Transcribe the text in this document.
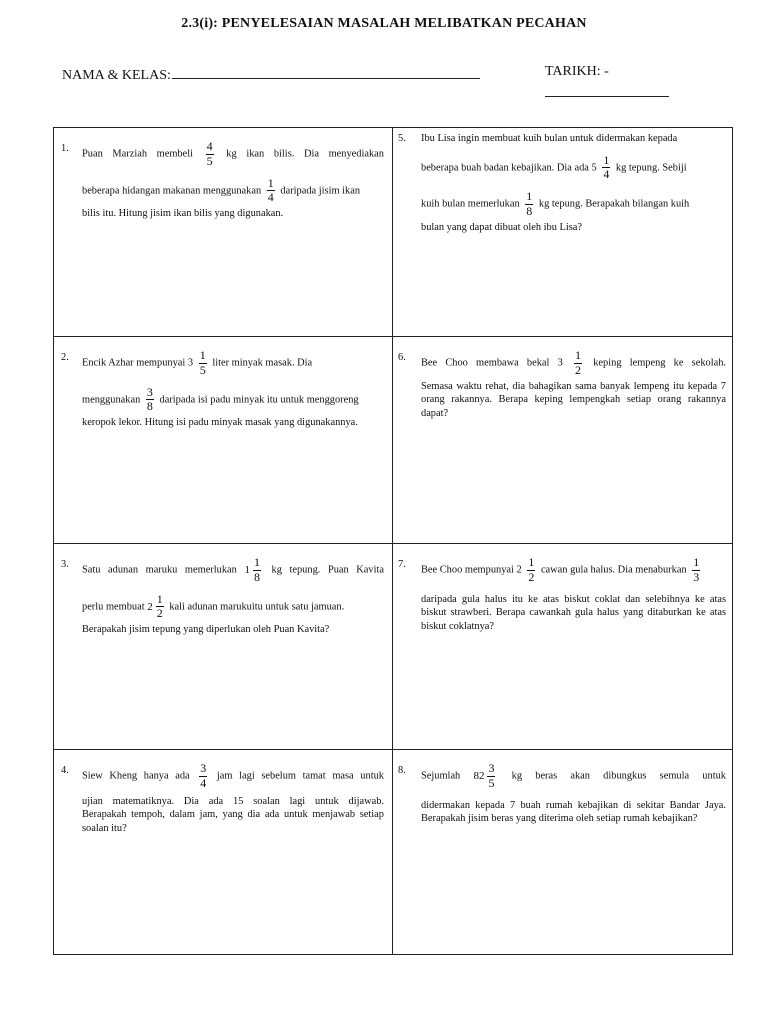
2.3(i): PENYELESAIAN MASALAH MELIBATKAN PECAHAN
NAMA & KELAS:	TARIKH: -
1.
Puan Marziah membeli $\frac{4}{5}$ kg ikan bilis. Dia menyediakan
beberapa hidangan makanan menggunakan $\frac{1}{4}$ daripada jisim ikan
bilis itu. Hitung jisim ikan bilis yang digunakan.
5. Ibu Lisa ingin membuat kuih bulan untuk didermakan kepada
beberapa buah badan kebajikan. Dia ada $5 \frac{1}{4}$ kg tepung. Sebiji
kuih bulan memerlukan $\frac{1}{8}$ kg tepung. Berapakah bilangan kuih
bulan yang dapat dibuat oleh ibu Lisa?
2.
Encik Azhar mempunyai $3 \frac{1}{5}$ liter minyak masak. Dia
menggunakan $\frac{3}{8}$ daripada isi padu minyak itu untuk menggoreng
keropok lekor. Hitung isi padu minyak masak yang digunakannya.
6.
Bee Choo membawa bekal $3 \frac{1}{2}$ keping lempeng ke sekolah.
Semasa waktu rehat, dia bahagikan sama banyak lempeng itu kepada 7 orang rakannya. Berapa keping lempengkah setiap orang rakannya dapat?
3.
Satu adunan maruku memerlukan $1 \frac{1}{8}$ kg tepung. Puan Kavita
perlu membuat $2 \frac{1}{2}$ kali adunan marukuitu untuk satu jamuan.
Berapakah jisim tepung yang diperlukan oleh Puan Kavita?
7.
Bee Choo mempunyai $2 \frac{1}{2}$ cawan gula halus. Dia menaburkan $\frac{1}{3}$
daripada gula halus itu ke atas biskut coklat dan selebihnya ke atas biskut strawberi. Berapa cawankah gula halus yang ditaburkan ke atas biskut coklatnya?
4.
Siew Kheng hanya ada $\frac{3}{4}$ jam lagi sebelum tamat masa untuk
ujian matematiknya. Dia ada 15 soalan lagi untuk dijawab.
Berapakah tempoh, dalam jam, yang dia ada untuk menjawab setiap soalan itu?
8.
Sejumlah $82 \frac{3}{5}$ kg beras akan dibungkus semula untuk
didermakan kepada 7 buah rumah kebajikan di sekitar Bandar Jaya. Berapakah jisim beras yang diterima oleh setiap rumah kebajikan?
